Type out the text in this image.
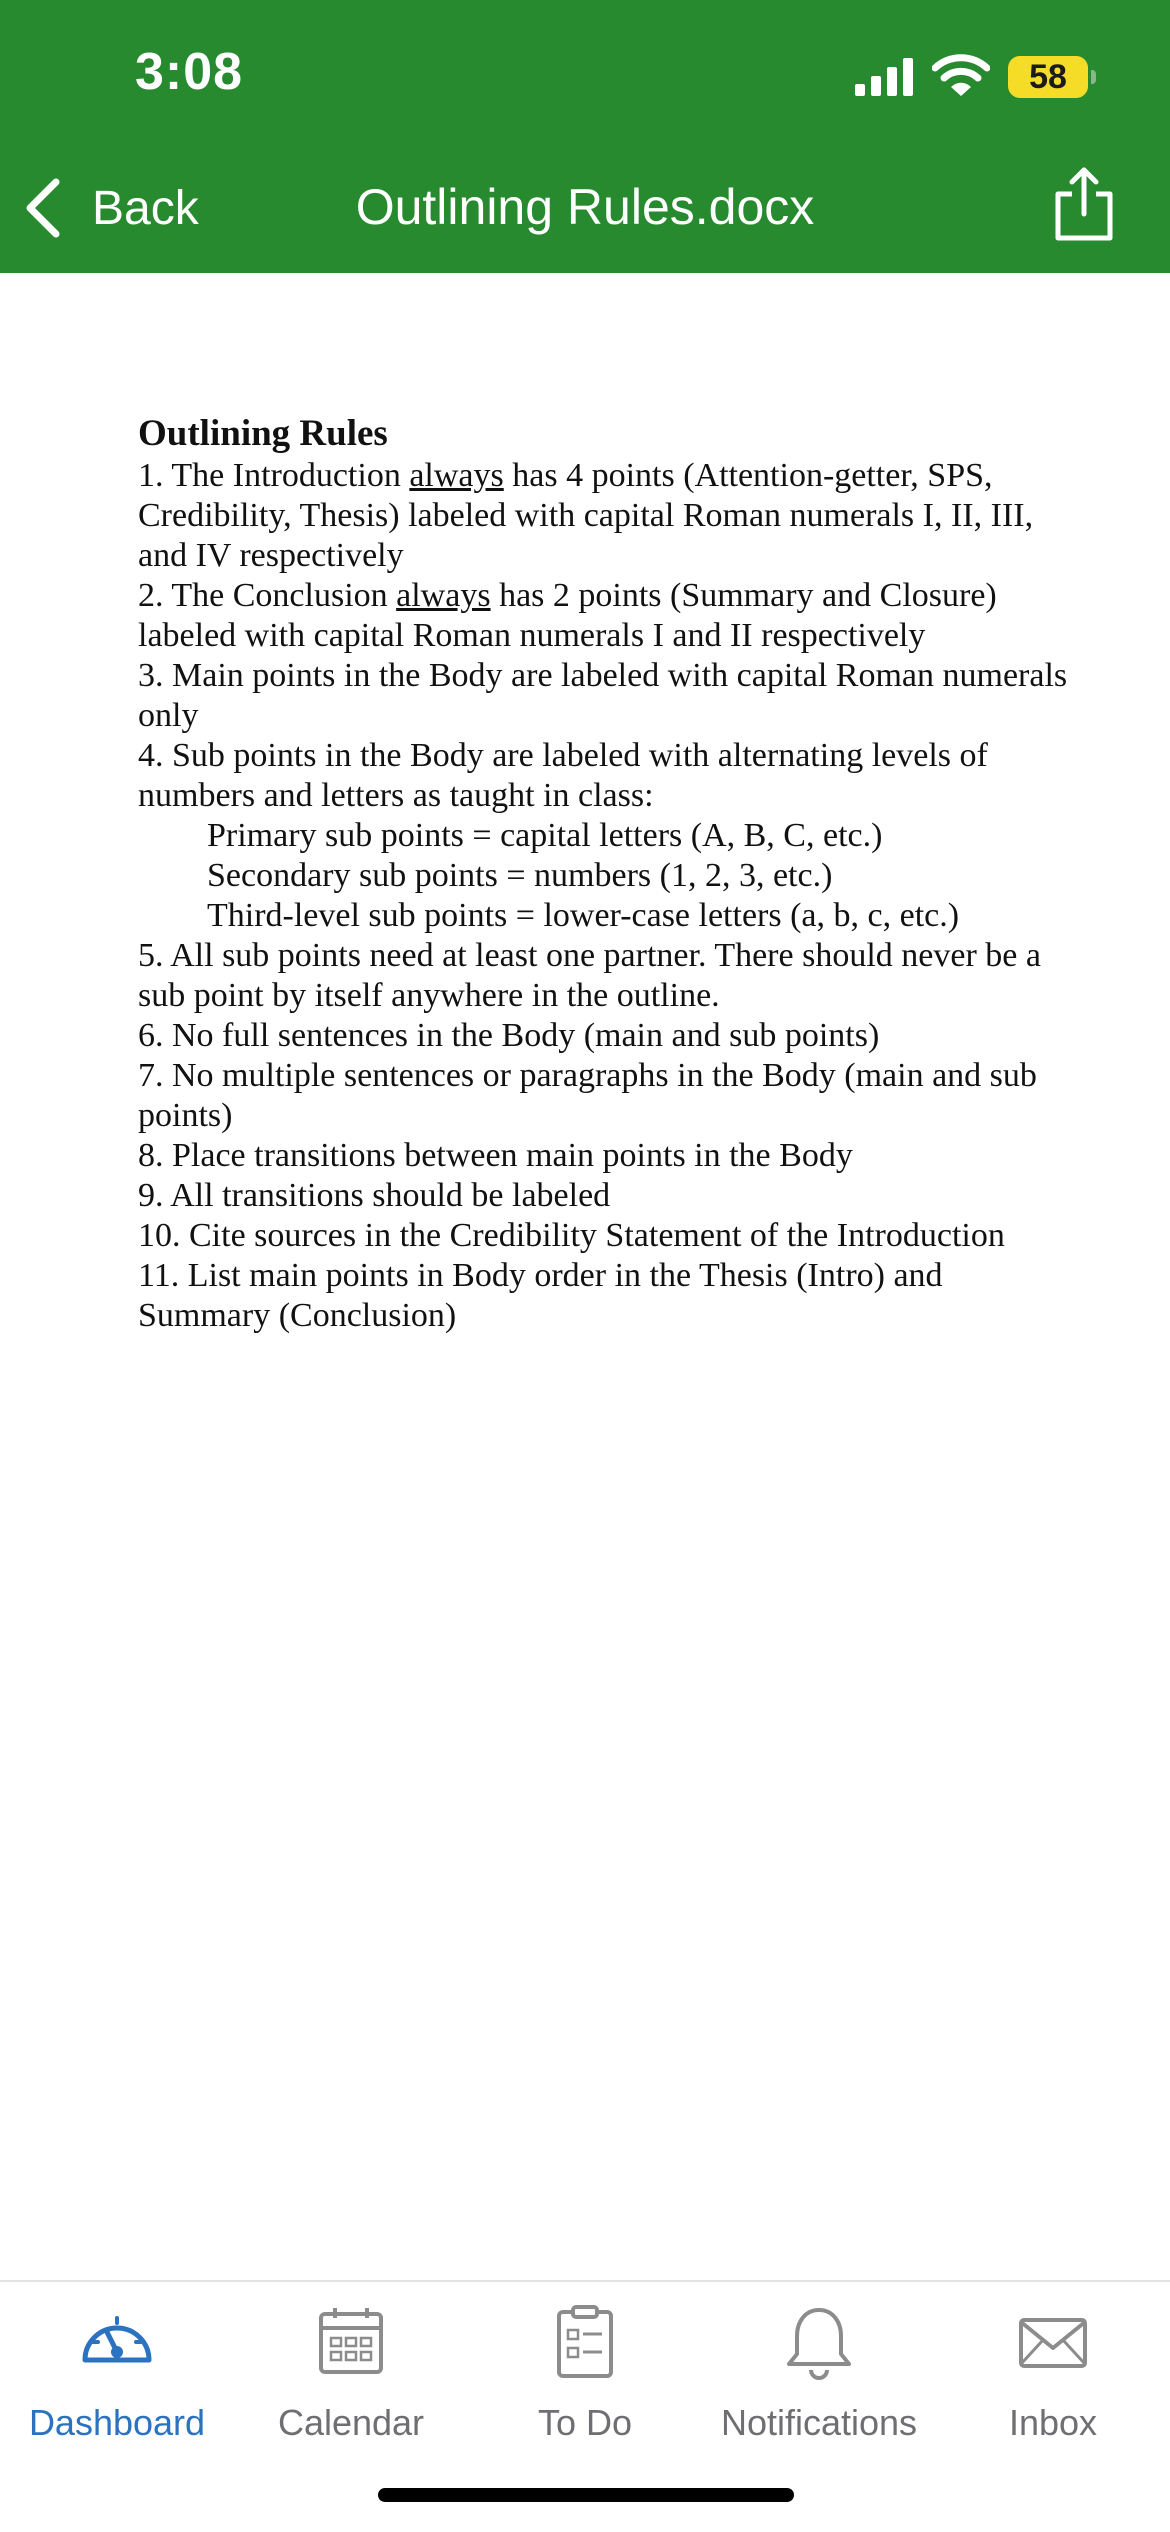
3:08	58
Back	Outlining Rules.docx
Outlining Rules

1. The Introduction always has 4 points (Attention-getter, SPS, Credibility, Thesis) labeled with capital Roman numerals I, II, III, and IV respectively

2. The Conclusion always has 2 points (Summary and Closure) labeled with capital Roman numerals I and II respectively

3. Main points in the Body are labeled with capital Roman numerals only

4. Sub points in the Body are labeled with alternating levels of numbers and letters as taught in class:

Primary sub points = capital letters (A, B, C, etc.)

Secondary sub points = numbers (1, 2, 3, etc.)

Third-level sub points = lower-case letters (a, b, c, etc.)

5. All sub points need at least one partner. There should never be a sub point by itself anywhere in the outline.

6. No full sentences in the Body (main and sub points)

7. No multiple sentences or paragraphs in the Body (main and sub points)

8. Place transitions between main points in the Body

9. All transitions should be labeled

10. Cite sources in the Credibility Statement of the Introduction

11. List main points in Body order in the Thesis (Intro) and Summary (Conclusion)

Dashboard	Calendar	To Do	Notifications	Inbox
